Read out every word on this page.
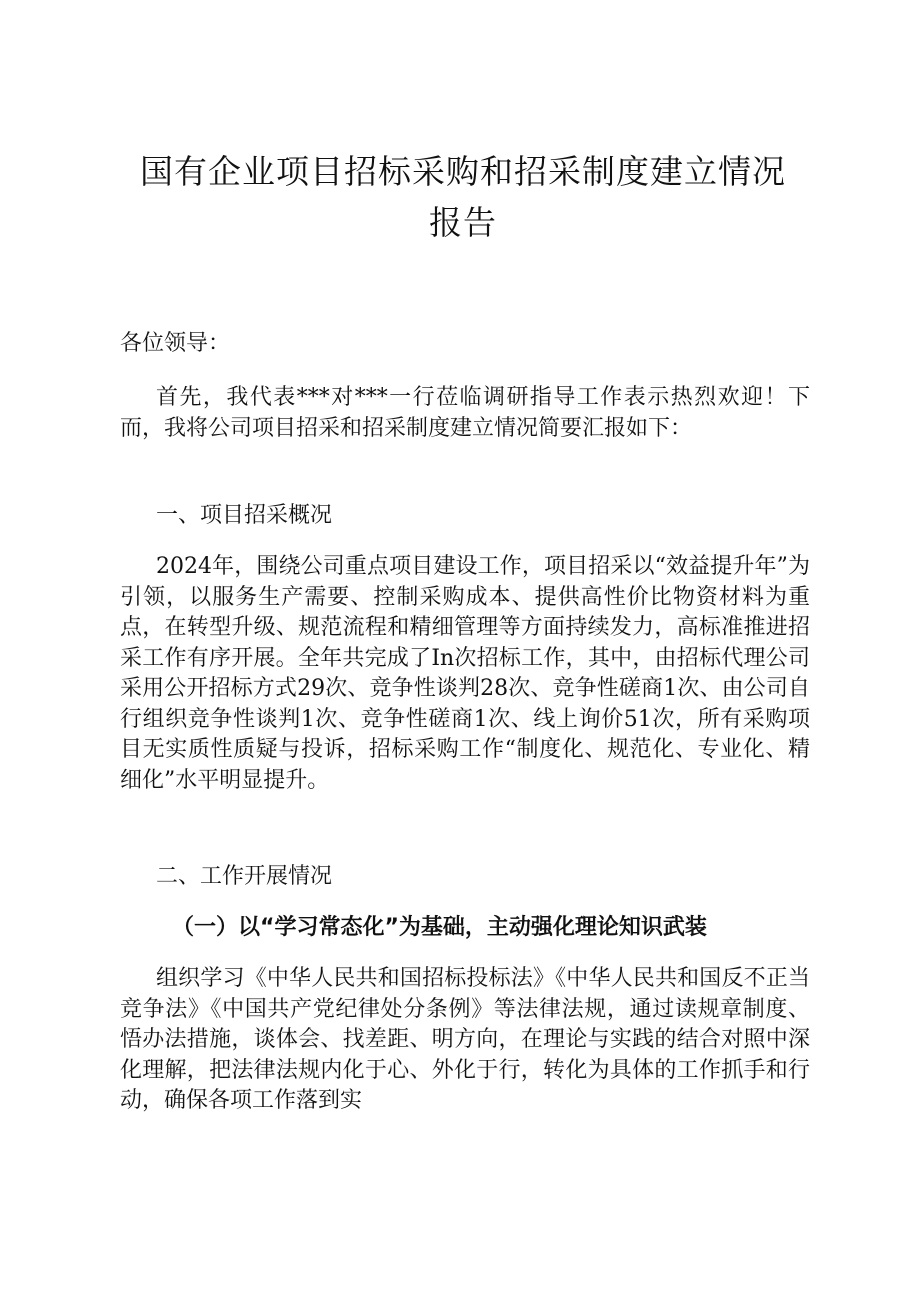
国有企业项目招标采购和招采制度建立情况报告

各位领导：

首先，我代表***对***一行莅临调研指导工作表示热烈欢迎！下而，我将公司项目招采和招采制度建立情况简要汇报如下：

一、项目招采概况

2024年，围绕公司重点项目建设工作，项目招采以“效益提升年”为引领，以服务生产需要、控制采购成本、提供高性价比物资材料为重点，在转型升级、规范流程和精细管理等方面持续发力，高标准推进招采工作有序开展。全年共完成了In次招标工作，其中，由招标代理公司采用公开招标方式29次、竞争性谈判28次、竞争性磋商1次、由公司自行组织竞争性谈判1次、竞争性磋商1次、线上询价51次，所有采购项目无实质性质疑与投诉，招标采购工作“制度化、规范化、专业化、精细化”水平明显提升。

二、工作开展情况

（一）以“学习常态化”为基础，主动强化理论知识武装

组织学习《中华人民共和国招标投标法》《中华人民共和国反不正当竞争法》《中国共产党纪律处分条例》等法律法规，通过读规章制度、悟办法措施，谈体会、找差距、明方向，在理论与实践的结合对照中深化理解，把法律法规内化于心、外化于行，转化为具体的工作抓手和行动，确保各项工作落到实
